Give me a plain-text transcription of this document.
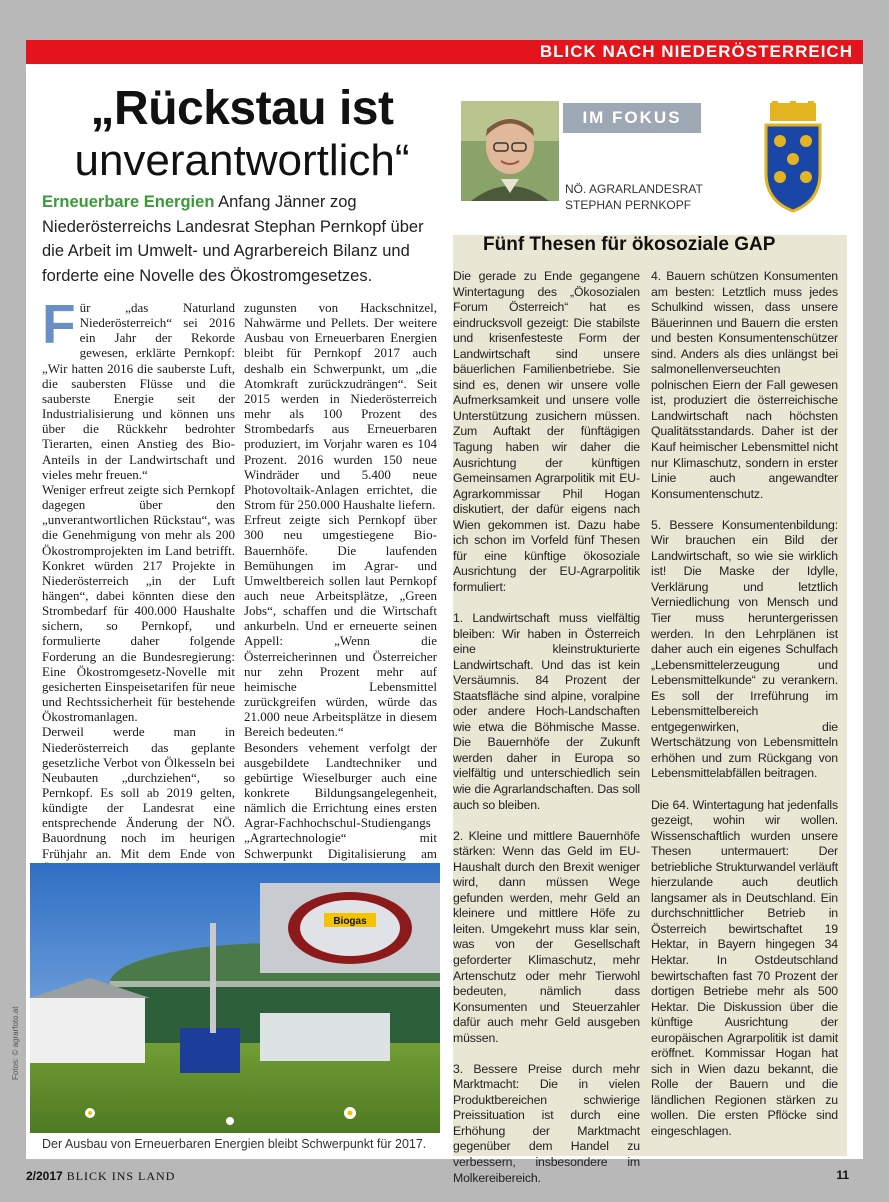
BLICK NACH NIEDERÖSTERREICH
„Rückstau ist
unverantwortlich“
Erneuerbare Energien Anfang Jänner zog Niederösterreichs Landesrat Stephan Pernkopf über die Arbeit im Umwelt- und Agrarbereich Bilanz und forderte eine Novelle des Ökostromgesetzes.

Für „das Naturland Niederösterreich“ sei 2016 ein Jahr der Rekorde gewesen, erklärte Pernkopf: „Wir hatten 2016 die sauberste Luft, die saubersten Flüsse und die sauberste Energie seit der Industrialisierung und können uns über die Rückkehr bedrohter Tierarten, einen Anstieg des Bio-Anteils in der Landwirtschaft und vieles mehr freuen.“

Weniger erfreut zeigte sich Pernkopf dagegen über den „unverantwortlichen Rückstau“, was die Genehmigung von mehr als 200 Ökostromprojekten im Land betrifft. Konkret würden 217 Projekte in Niederösterreich „in der Luft hängen“, dabei könnten diese den Strombedarf für 400.000 Haushalte sichern, so Pernkopf, und formulierte daher folgende Forderung an die Bundesregierung: Eine Ökostromgesetz-Novelle mit gesicherten Einspeisetarifen für neue und Rechtssicherheit für bestehende Ökostromanlagen.

Derweil werde man in Niederösterreich das geplante gesetzliche Verbot von Ölkesseln bei Neubauten „durchziehen“, so Pernkopf. Es soll ab 2019 gelten, kündigte der Landesrat eine entsprechende Änderung der NÖ. Bauordnung noch im heurigen Frühjahr an. Mit dem Ende von

zugunsten von Hackschnitzel, Nahwärme und Pellets. Der weitere Ausbau von Erneuerbaren Energien bleibt für Pernkopf 2017 auch deshalb ein Schwerpunkt, um „die Atomkraft zurückzudrängen“. Seit 2015 werden in Niederösterreich mehr als 100 Prozent des Strombedarfs aus Erneuerbaren produziert, im Vorjahr waren es 104 Prozent. 2016 wurden 150 neue Windräder und 5.400 neue Photovoltaik-Anlagen errichtet, die Strom für 250.000 Haushalte liefern.

Erfreut zeigte sich Pernkopf über 300 neu umgestiegene Bio-Bauernhöfe. Die laufenden Bemühungen im Agrar- und Umweltbereich sollen laut Pernkopf auch neue Arbeitsplätze, „Green Jobs“, schaffen und die Wirtschaft ankurbeln. Und er erneuerte seinen Appell: „Wenn die Österreicherinnen und Österreicher nur zehn Prozent mehr auf heimische Lebensmittel zurückgreifen würden, würde das 21.000 neue Arbeitsplätze in diesem Bereich bedeuten.“

Besonders vehement verfolgt der ausgebildete Landtechniker und gebürtige Wieselburger auch eine konkrete Bildungsangelegenheit, nämlich die Errichtung eines ersten Agrar-Fachhochschul-Studiengangs „Agrartechnologie“ mit Schwerpunkt Digitalisierung am

Biogas
Der Ausbau von Erneuerbaren Energien bleibt Schwerpunkt für 2017.
Fotos: © agrarfoto.at
IM FOKUS
NÖ. AGRARLANDESRAT
STEPHAN PERNKOPF
Fünf Thesen für ökosoziale GAP

Die gerade zu Ende gegangene Wintertagung des „Ökosozialen Forum Österreich“ hat es eindrucksvoll gezeigt: Die stabilste und krisenfesteste Form der Landwirtschaft sind unsere bäuerlichen Familienbetriebe. Sie sind es, denen wir unsere volle Aufmerksamkeit und unsere volle Unterstützung zusichern müssen. Zum Auftakt der fünftägigen Tagung haben wir daher die Ausrichtung der künftigen Gemeinsamen Agrarpolitik mit EU-Agrarkommissar Phil Hogan diskutiert, der dafür eigens nach Wien gekommen ist. Dazu habe ich schon im Vorfeld fünf Thesen für eine künftige ökosoziale Ausrichtung der EU-Agrarpolitik formuliert:

1. Landwirtschaft muss vielfältig bleiben: Wir haben in Österreich eine kleinstrukturierte Landwirtschaft. Und das ist kein Versäumnis. 84 Prozent der Staatsfläche sind alpine, voralpine oder andere Hoch-Landschaften wie etwa die Böhmische Masse. Die Bauernhöfe der Zukunft werden daher in Europa so vielfältig und unterschiedlich sein wie die Agrarlandschaften. Das soll auch so bleiben.

2. Kleine und mittlere Bauernhöfe stärken: Wenn das Geld im EU-Haushalt durch den Brexit weniger wird, dann müssen Wege gefunden werden, mehr Geld an kleinere und mittlere Höfe zu leiten. Umgekehrt muss klar sein, was von der Gesellschaft geforderter Klimaschutz, mehr Artenschutz oder mehr Tierwohl bedeuten, nämlich dass Konsumenten und Steuerzahler dafür auch mehr Geld ausgeben müssen.

3. Bessere Preise durch mehr Marktmacht: Die in vielen Produktbereichen schwierige Preissituation ist durch eine Erhöhung der Marktmacht gegenüber dem Handel zu verbessern, insbesondere im Molkereibereich.

4. Bauern schützen Konsumenten am besten: Letztlich muss jedes Schulkind wissen, dass unsere Bäuerinnen und Bauern die ersten und besten Konsumentenschützer sind. Anders als dies unlängst bei salmonellenverseuchten polnischen Eiern der Fall gewesen ist, produziert die österreichische Landwirtschaft nach höchsten Qualitätsstandards. Daher ist der Kauf heimischer Lebensmittel nicht nur Klimaschutz, sondern in erster Linie auch angewandter Konsumentenschutz.

5. Bessere Konsumentenbildung: Wir brauchen ein Bild der Landwirtschaft, so wie sie wirklich ist! Die Maske der Idylle, Verklärung und letztlich Verniedlichung von Mensch und Tier muss heruntergerissen werden. In den Lehrplänen ist daher auch ein eigenes Schulfach „Lebensmittelerzeugung und Lebensmittelkunde“ zu verankern. Es soll der Irreführung im Lebensmittelbereich entgegenwirken, die Wertschätzung von Lebensmitteln erhöhen und zum Rückgang von Lebensmittelabfällen beitragen.

Die 64. Wintertagung hat jedenfalls gezeigt, wohin wir wollen. Wissenschaftlich wurden unsere Thesen untermauert: Der betriebliche Strukturwandel verläuft hierzulande auch deutlich langsamer als in Deutschland. Ein durchschnittlicher Betrieb in Österreich bewirtschaftet 19 Hektar, in Bayern hingegen 34 Hektar. In Ostdeutschland bewirtschaften fast 70 Prozent der dortigen Betriebe mehr als 500 Hektar. Die Diskussion über die künftige Ausrichtung der europäischen Agrarpolitik ist damit eröffnet. Kommissar Hogan hat sich in Wien dazu bekannt, die Rolle der Bauern und die ländlichen Regionen stärken zu wollen. Die ersten Pflöcke sind eingeschlagen.

2/2017 BLICK INS LAND	11
